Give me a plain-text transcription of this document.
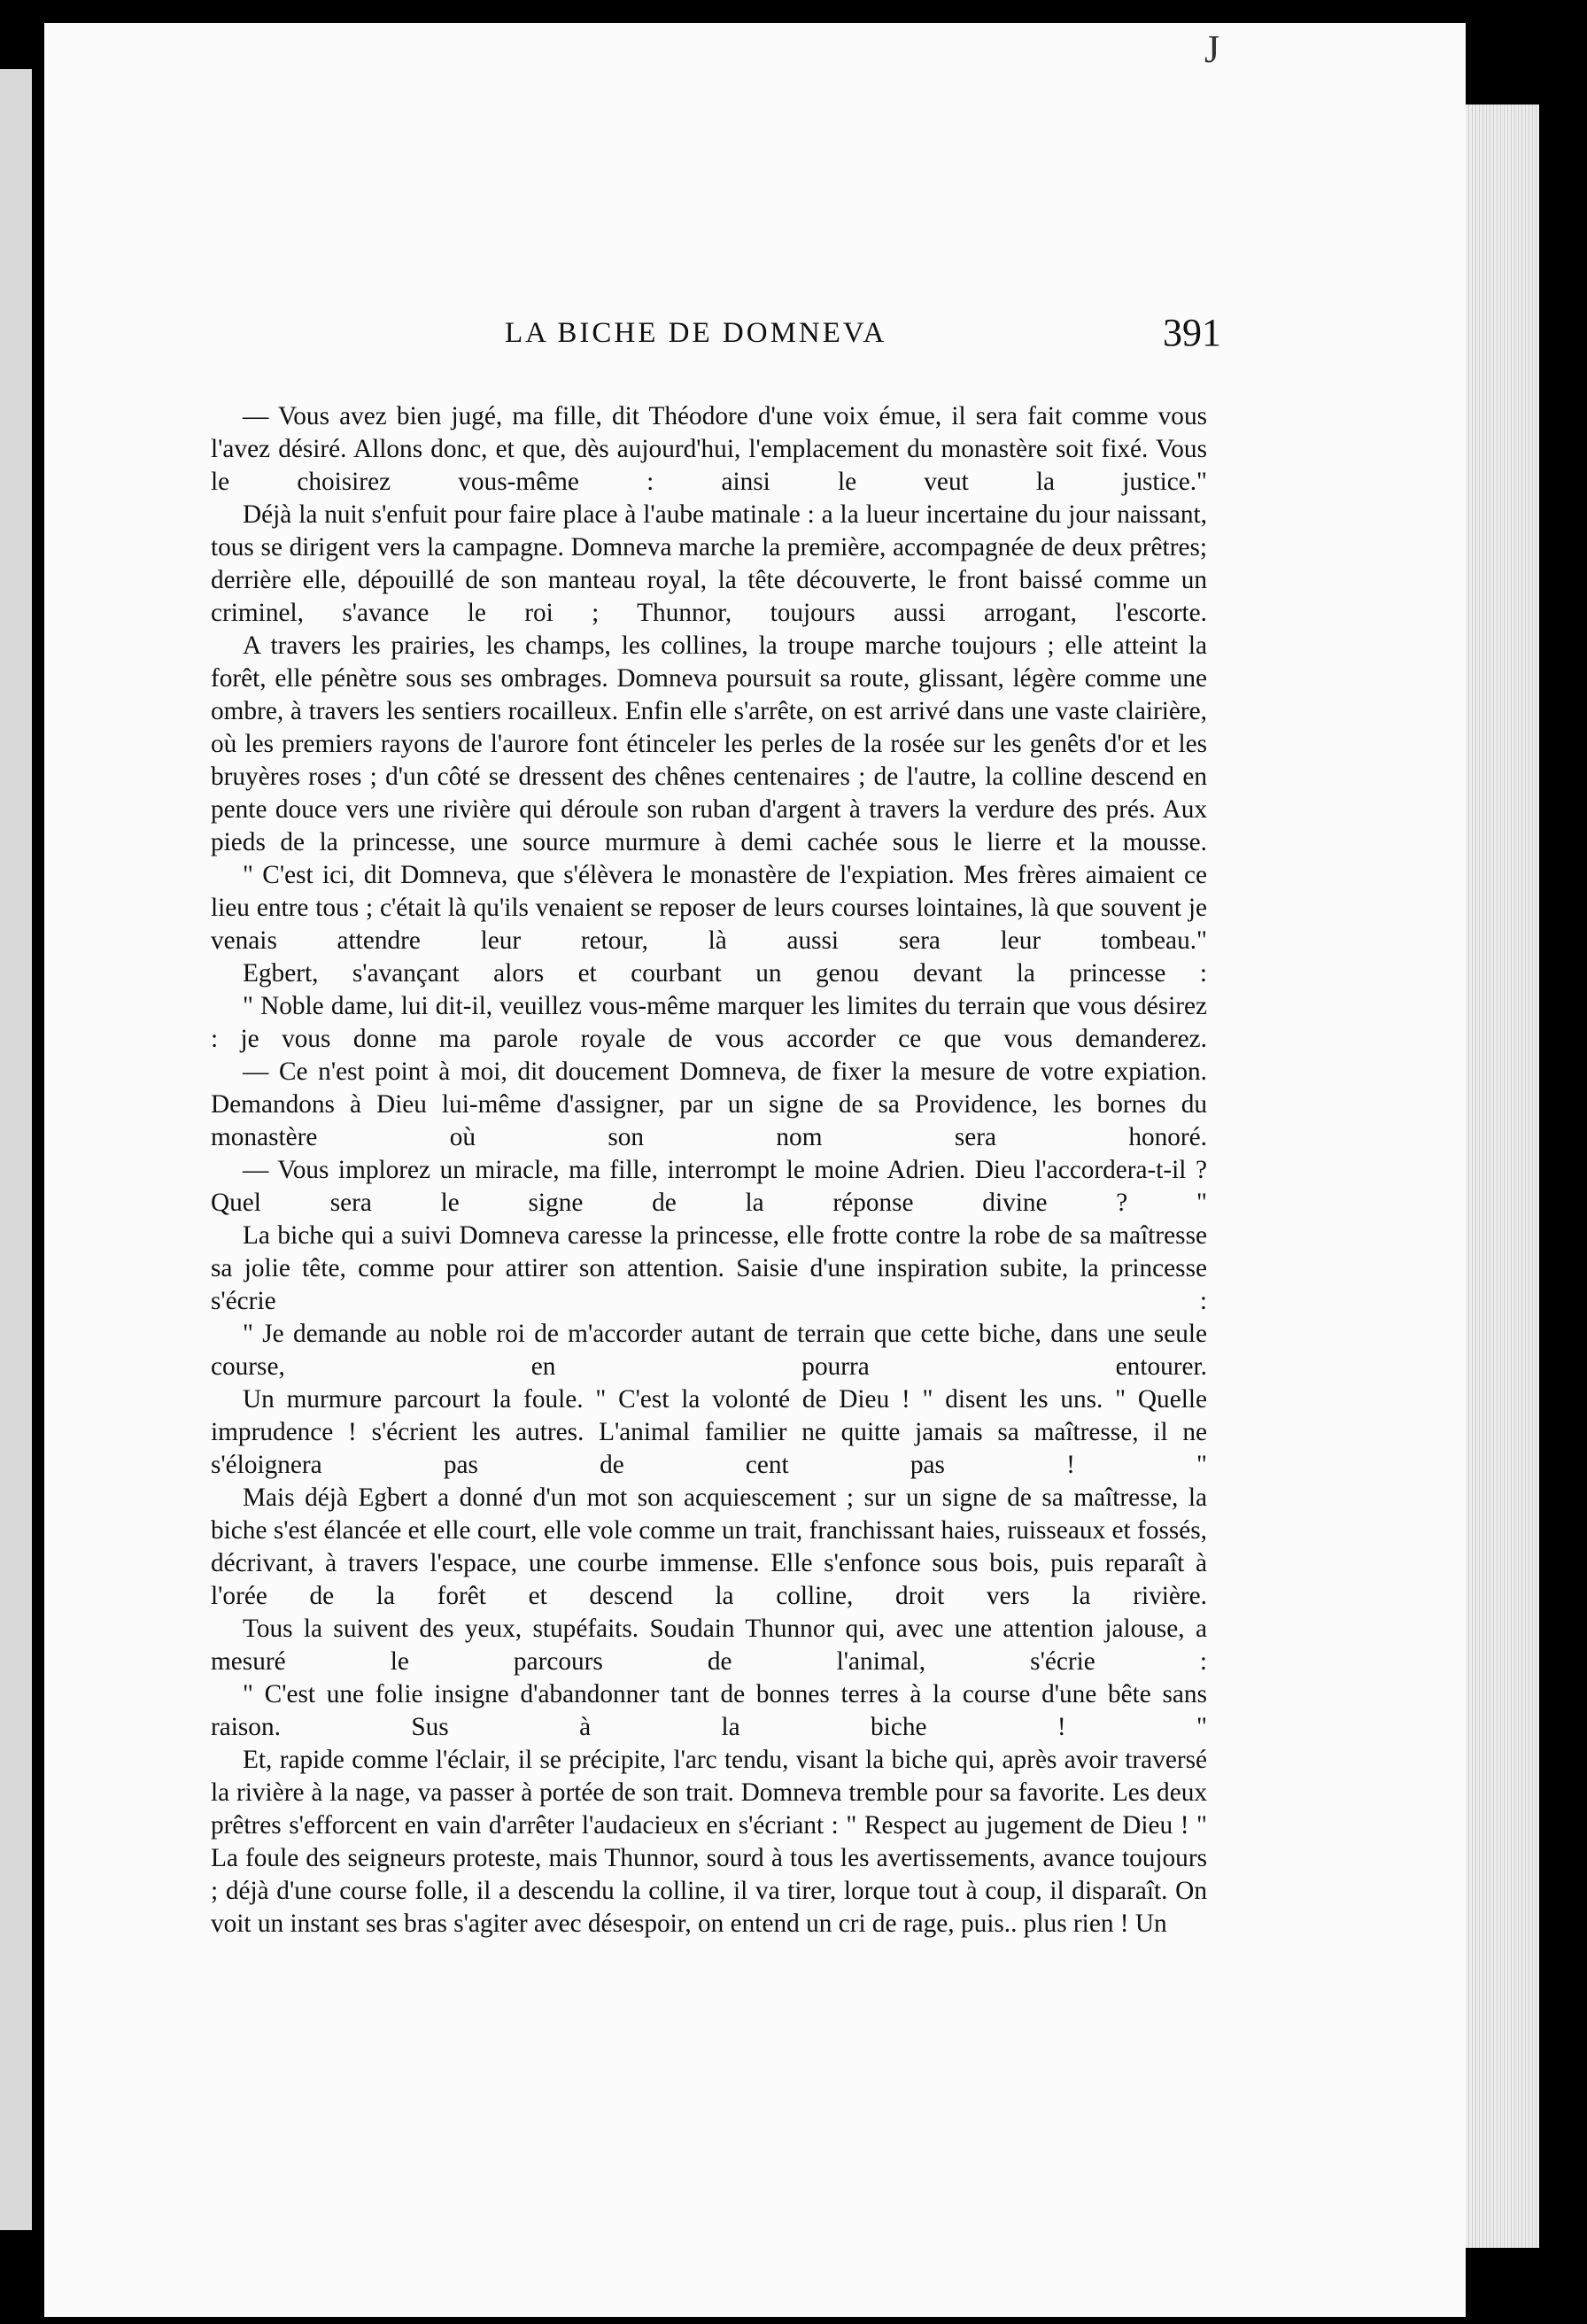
J
LA BICHE DE DOMNEVA	391

— Vous avez bien jugé, ma fille, dit Théodore d'une voix émue, il sera fait comme vous l'avez désiré. Allons donc, et que, dès aujourd'hui, l'emplacement du monastère soit fixé. Vous le choisirez vous-même : ainsi le veut la justice."

Déjà la nuit s'enfuit pour faire place à l'aube matinale : a la lueur incertaine du jour naissant, tous se dirigent vers la campagne. Domneva marche la première, accompagnée de deux prêtres; derrière elle, dépouillé de son manteau royal, la tête découverte, le front baissé comme un criminel, s'avance le roi ; Thunnor, toujours aussi arrogant, l'escorte.

A travers les prairies, les champs, les collines, la troupe marche toujours ; elle atteint la forêt, elle pénètre sous ses ombrages. Domneva poursuit sa route, glissant, légère comme une ombre, à travers les sentiers rocailleux. Enfin elle s'arrête, on est arrivé dans une vaste clairière, où les premiers rayons de l'aurore font étinceler les perles de la rosée sur les genêts d'or et les bruyères roses ; d'un côté se dressent des chênes centenaires ; de l'autre, la colline descend en pente douce vers une rivière qui déroule son ruban d'argent à travers la verdure des prés. Aux pieds de la princesse, une source murmure à demi cachée sous le lierre et la mousse.

" C'est ici, dit Domneva, que s'élèvera le monastère de l'expiation. Mes frères aimaient ce lieu entre tous ; c'était là qu'ils venaient se reposer de leurs courses lointaines, là que souvent je venais attendre leur retour, là aussi sera leur tombeau."

Egbert, s'avançant alors et courbant un genou devant la princesse :

" Noble dame, lui dit-il, veuillez vous-même marquer les limites du terrain que vous désirez : je vous donne ma parole royale de vous accorder ce que vous demanderez.

— Ce n'est point à moi, dit doucement Domneva, de fixer la mesure de votre expiation. Demandons à Dieu lui-même d'assigner, par un signe de sa Providence, les bornes du monastère où son nom sera honoré.

— Vous implorez un miracle, ma fille, interrompt le moine Adrien. Dieu l'accordera-t-il ? Quel sera le signe de la réponse divine ? "

La biche qui a suivi Domneva caresse la princesse, elle frotte contre la robe de sa maîtresse sa jolie tête, comme pour attirer son attention. Saisie d'une inspiration subite, la princesse s'écrie :

" Je demande au noble roi de m'accorder autant de terrain que cette biche, dans une seule course, en pourra entourer.

Un murmure parcourt la foule. " C'est la volonté de Dieu ! " disent les uns. " Quelle imprudence ! s'écrient les autres. L'animal familier ne quitte jamais sa maîtresse, il ne s'éloignera pas de cent pas ! "

Mais déjà Egbert a donné d'un mot son acquiescement ; sur un signe de sa maîtresse, la biche s'est élancée et elle court, elle vole comme un trait, franchissant haies, ruisseaux et fossés, décrivant, à travers l'espace, une courbe immense. Elle s'enfonce sous bois, puis reparaît à l'orée de la forêt et descend la colline, droit vers la rivière.

Tous la suivent des yeux, stupéfaits. Soudain Thunnor qui, avec une attention jalouse, a mesuré le parcours de l'animal, s'écrie :

" C'est une folie insigne d'abandonner tant de bonnes terres à la course d'une bête sans raison. Sus à la biche ! "

Et, rapide comme l'éclair, il se précipite, l'arc tendu, visant la biche qui, après avoir traversé la rivière à la nage, va passer à portée de son trait. Domneva tremble pour sa favorite. Les deux prêtres s'efforcent en vain d'arrêter l'audacieux en s'écriant : " Respect au jugement de Dieu ! " La foule des seigneurs proteste, mais Thunnor, sourd à tous les avertissements, avance toujours ; déjà d'une course folle, il a descendu la colline, il va tirer, lorque tout à coup, il disparaît. On voit un instant ses bras s'agiter avec désespoir, on entend un cri de rage, puis.. plus rien ! Un
